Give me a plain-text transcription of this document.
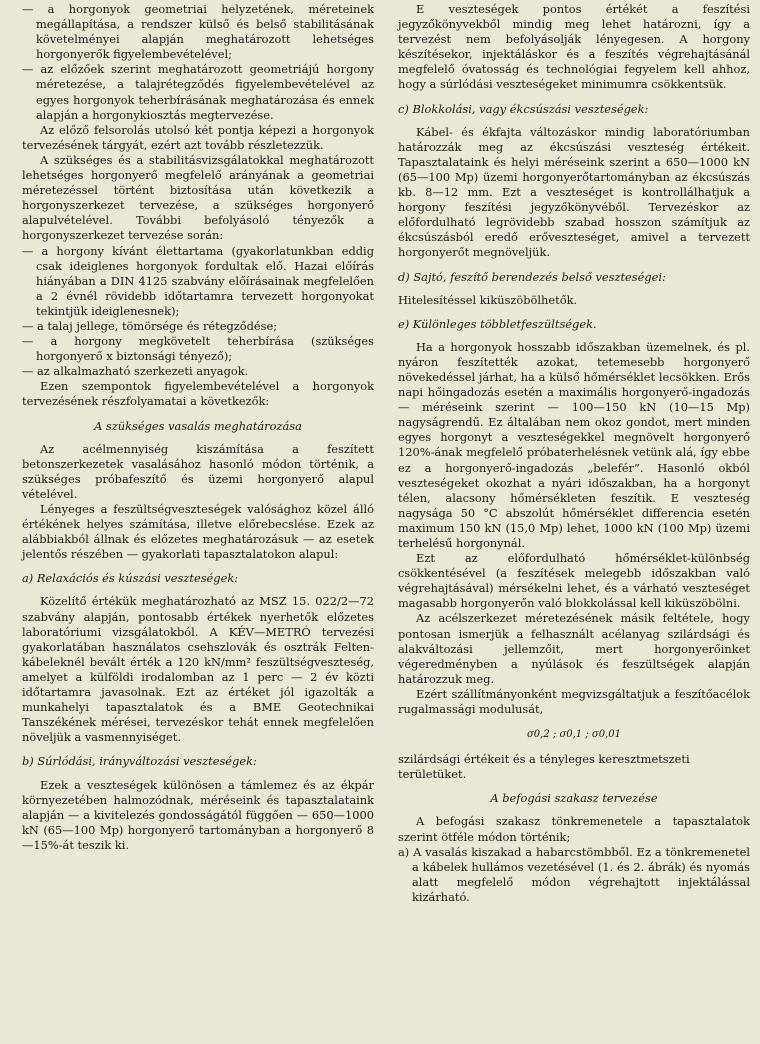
— a horgonyok geometriai helyzetének, méreteinek megállapítása, a rendszer külső és belső stabilitásának követelményei alapján meghatározott lehetséges horgonyerők figyelembevételével;

— az előzőek szerint meghatározott geometriájú horgony méretezése, a talajrétegződés figyelembevételével az egyes horgonyok teherbírásának meghatározása és ennek alapján a horgonykiosztás megtervezése.

Az előző felsorolás utolsó két pontja képezi a horgonyok tervezésének tárgyát, ezért azt tovább részletezzük.

A szükséges és a stabilitásvizsgálatokkal meghatározott lehetséges horgonyerő megfelelő arányának a geometriai méretezéssel történt biztosítása után következik a horgonyszerkezet tervezése, a szükséges horgonyerő alapulvételével. További befolyásoló tényezők a horgonyszerkezet tervezése során:

— a horgony kívánt élettartama (gyakorlatunkban eddig csak ideiglenes horgonyok fordultak elő. Hazai előírás hiányában a DIN 4125 szabvány előírásainak megfelelően a 2 évnél rövidebb időtartamra tervezett horgonyokat tekintjük ideiglenesnek);

— a talaj jellege, tömörsége és rétegződése;

— a horgony megkövetelt teherbírása (szükséges horgonyerő x biztonsági tényező);

— az alkalmazható szerkezeti anyagok.

Ezen szempontok figyelembevételével a horgonyok tervezésének részfolyamatai a következők:

A szükséges vasalás meghatározása

Az acélmennyiség kiszámítása a feszített betonszerkezetek vasalásához hasonló módon történik, a szükséges próbafeszítő és üzemi horgonyerő alapul vételével.

Lényeges a feszültségveszteségek valósághoz közel álló értékének helyes számítása, illetve előrebecslése. Ezek az alábbiakból állnak és előzetes meghatározásuk — az esetek jelentős részében — gyakorlati tapasztalatokon alapul:

a) Relaxációs és kúszási veszteségek:

Közelítő értékük meghatározható az MSZ 15. 022/2—72 szabvány alapján, pontosabb értékek nyerhetők előzetes laboratóriumi vizsgálatokból. A KÉV—METRÓ tervezési gyakorlatában használatos csehszlovák és osztrák Felten-kábeleknél bevált érték a 120 kN/mm² feszültségveszteség, amelyet a külföldi irodalomban az 1 perc — 2 év közti időtartamra javasolnak. Ezt az értéket jól igazolták a munkahelyi tapasztalatok és a BME Geotechnikai Tanszékének mérései, tervezéskor tehát ennek megfelelően növeljük a vasmennyiséget.

b) Súrlódási, irányváltozási veszteségek:

Ezek a veszteségek különösen a támlemez és az ékpár környezetében halmozódnak, méréseink és tapasztalataink alapján — a kivitelezés gondosságától függően — 650—1000 kN (65—100 Mp) horgonyerő tartományban a horgonyerő 8—15%-át teszik ki.

E veszteségek pontos értékét a feszítési jegyzőkönyvekből mindig meg lehet határozni, így a tervezést nem befolyásolják lényegesen. A horgony készítésekor, injektáláskor és a feszítés végrehajtásánál megfelelő óvatosság és technológiai fegyelem kell ahhoz, hogy a súrlódási veszteségeket minimumra csökkentsük.

c) Blokkolási, vagy ékcsúszási veszteségek:

Kábel- és ékfajta változáskor mindig laboratóriumban határozzák meg az ékcsúszási veszteség értékeit. Tapasztalataink és helyi méréseink szerint a 650—1000 kN (65—100 Mp) üzemi horgonyerőtartományban az ékcsúszás kb. 8—12 mm. Ezt a veszteséget is kontrollálhatjuk a horgony feszítési jegyzőkönyvéből. Tervezéskor az előfordulható legrövidebb szabad hosszon számítjuk az ékcsúszásból eredő erőveszteséget, amivel a tervezett horgonyerőt megnöveljük.

d) Sajtó, feszítő berendezés belső veszteségei:

Hitelesítéssel kiküszöbölhetők.

e) Különleges többletfeszültségek.

Ha a horgonyok hosszabb időszakban üzemelnek, és pl. nyáron feszítették azokat, tetemesebb horgonyerő növekedéssel járhat, ha a külső hőmérséklet lecsökken. Erős napi hőingadozás esetén a maximális horgonyerő-ingadozás — méréseink szerint — 100—150 kN (10—15 Mp) nagyságrendű. Ez általában nem okoz gondot, mert minden egyes horgonyt a veszteségekkel megnövelt horgonyerő 120%-ának megfelelő próbaterhelésnek vetünk alá, így ebbe ez a horgonyerő-ingadozás „belefér”. Hasonló okból veszteségeket okozhat a nyári időszakban, ha a horgonyt télen, alacsony hőmérsékleten feszítik. E veszteség nagysága 50 °C abszolút hőmérséklet differencia esetén maximum 150 kN (15,0 Mp) lehet, 1000 kN (100 Mp) üzemi terhelésű horgonynál.

Ezt az előfordulható hőmérséklet-különbség csökkentésével (a feszítések melegebb időszakban való végrehajtásával) mérsékelni lehet, és a várható veszteséget magasabb horgonyerőn való blokkolással kell kiküszöbölni.

Az acélszerkezet méretezésének másik feltétele, hogy pontosan ismerjük a felhasznált acélanyag szilárdsági és alakváltozási jellemzőit, mert horgonyerőinket végeredményben a nyúlások és feszültségek alapján határozzuk meg.

Ezért szállítmányonként megvizsgáltatjuk a feszítőacélok rugalmassági modulusát,

σ0,2 ; σ0,1 ; σ0,01

szilárdsági értékeit és a tényleges keresztmetszeti területüket.

A befogási szakasz tervezése

A befogási szakasz tönkremenetele a tapasztalatok szerint ötféle módon történik;

a) A vasalás kiszakad a habarcstömbből. Ez a tönkremenetel a kábelek hullámos vezetésével (1. és 2. ábrák) és nyomás alatt megfelelő módon végrehajtott injektálással kizárható.
